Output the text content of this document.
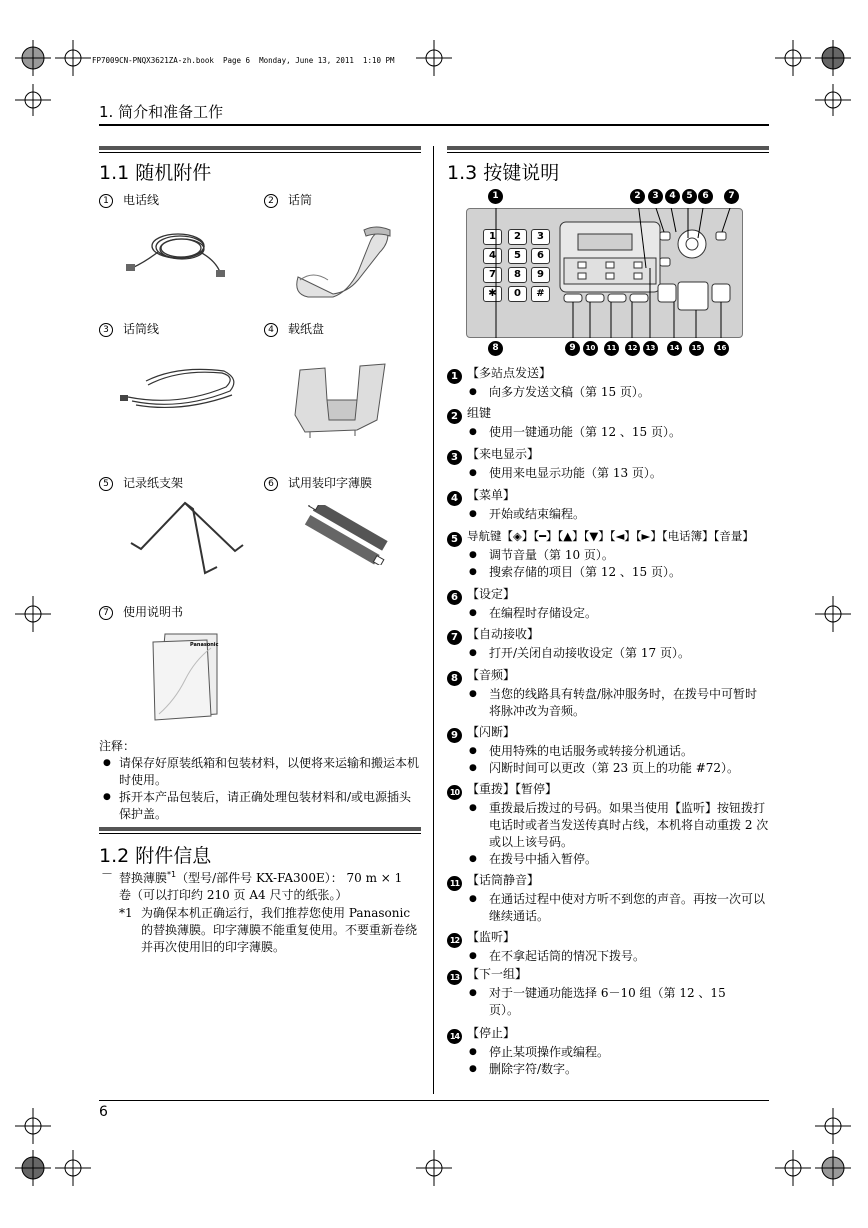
FP7009CN-PNQX3621ZA-zh.book  Page 6  Monday, June 13, 2011  1:10 PM
1. 简介和准备工作
1.1 随机附件
1 电话线	2 话筒
3 话筒线	4 载纸盘
5 记录纸支架	6 试用装印字薄膜
7 使用说明书
Panasonic
注释：
● 请保存好原装纸箱和包装材料，以便将来运输和搬运本机时使用。
● 拆开本产品包装后，请正确处理包装材料和/或电源插头保护盖。
1.2 附件信息
－ 替换薄膜$^{*1}$（型号/部件号 KX-FA300E）： 70 m × 1
卷（可以打印约 210 页 A4 尺寸的纸张。）
*1 为确保本机正确运行，我们推荐您使用 Panasonic 的替换薄膜。印字薄膜不能重复使用。不要重新卷绕并再次使用旧的印字薄膜。
1.3 按键说明
1	2	3
4	5	6
7	8	9
✱	0	#
1	2	3	4	5	6	7
8	9	10	11	12	13	14	15	16
1 【多站点发送】
● 向多方发送文稿（第 15 页）。
2 组键
● 使用一键通功能（第 12 、15 页）。
3 【来电显示】
● 使用来电显示功能（第 13 页）。
4 【菜单】
● 开始或结束编程。
5 导航键【◈】【━】【▲】【▼】【◄】【►】【电话簿】【音量】
● 调节音量（第 10 页）。
● 搜索存储的项目（第 12 、15 页）。
6 【设定】
● 在编程时存储设定。
7 【自动接收】
● 打开/关闭自动接收设定（第 17 页）。
8 【音频】
● 当您的线路具有转盘/脉冲服务时，在拨号中可暂时将脉冲改为音频。
9 【闪断】
● 使用特殊的电话服务或转接分机通话。
● 闪断时间可以更改（第 23 页上的功能 #72）。
10 【重拨】【暂停】
● 重拨最后拨过的号码。如果当使用【监听】按钮拨打电话时或者当发送传真时占线，本机将自动重拨 2 次或以上该号码。
● 在拨号中插入暂停。
11 【话筒静音】
● 在通话过程中使对方听不到您的声音。再按一次可以继续通话。
12 【监听】
● 在不拿起话筒的情况下拨号。
13 【下一组】
● 对于一键通功能选择 6－10 组（第 12 、15 页）。
14 【停止】
● 停止某项操作或编程。
● 删除字符/数字。
6
